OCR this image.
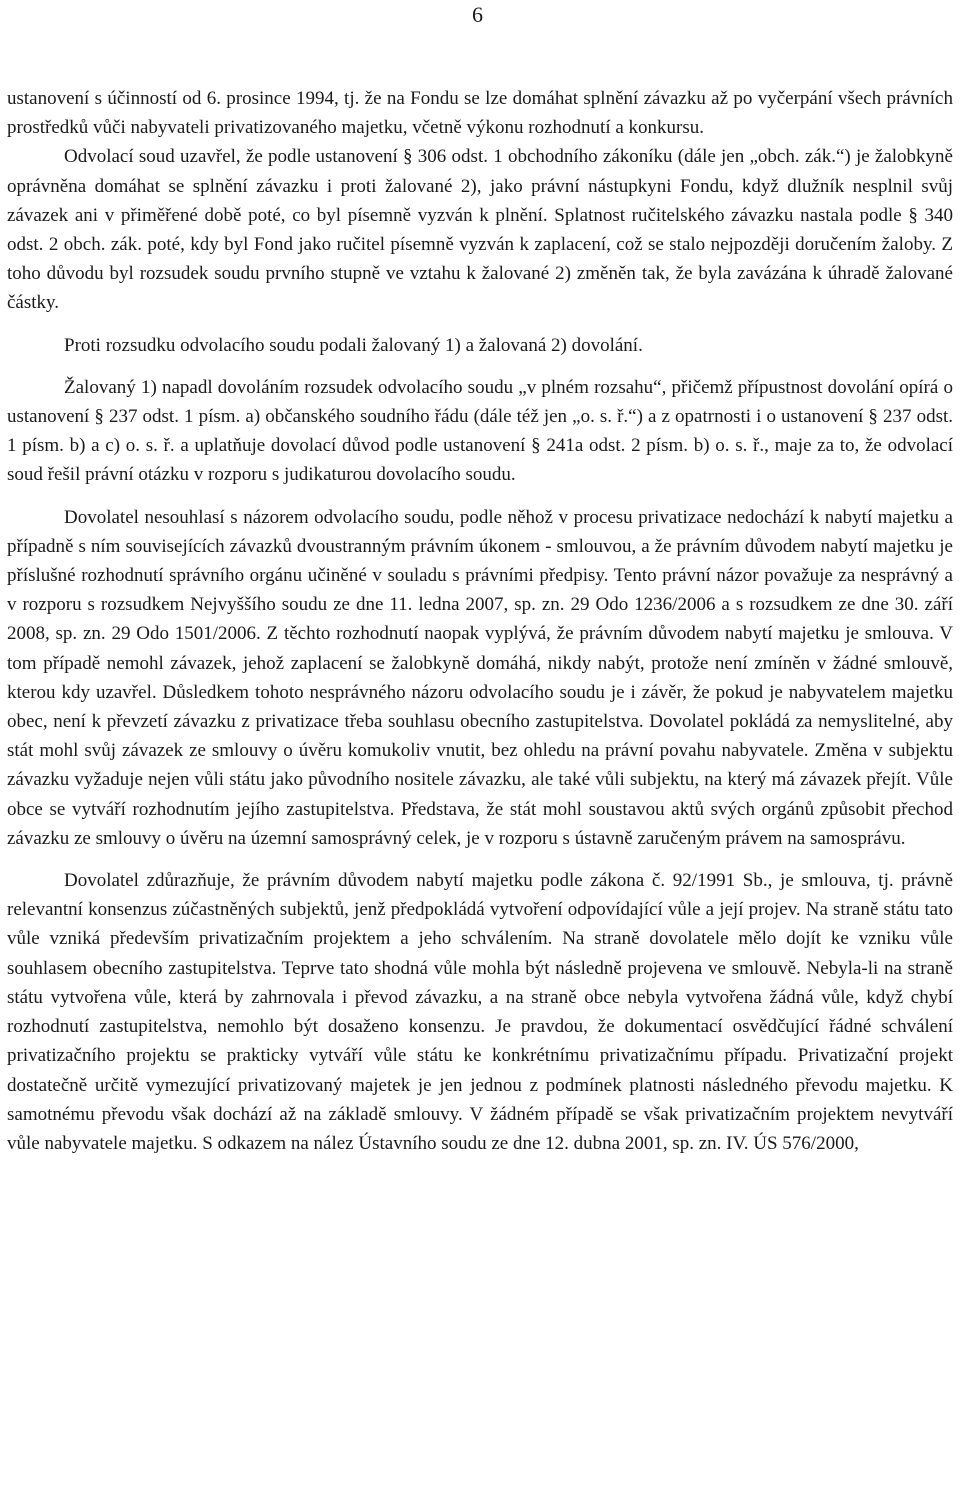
6

ustanovení s účinností od 6. prosince 1994, tj. že na Fondu se lze domáhat splnění závazku až po vyčerpání všech právních prostředků vůči nabyvateli privatizovaného majetku, včetně výkonu rozhodnutí a konkursu.

Odvolací soud uzavřel, že podle ustanovení § 306 odst. 1 obchodního zákoníku (dále jen „obch. zák.“) je žalobkyně oprávněna domáhat se splnění závazku i proti žalované 2), jako právní nástupkyni Fondu, když dlužník nesplnil svůj závazek ani v přiměřené době poté, co byl písemně vyzván k plnění. Splatnost ručitelského závazku nastala podle § 340 odst. 2 obch. zák. poté, kdy byl Fond jako ručitel písemně vyzván k zaplacení, což se stalo nejpozději doručením žaloby. Z toho důvodu byl rozsudek soudu prvního stupně ve vztahu k žalované 2) změněn tak, že byla zavázána k úhradě žalované částky.

Proti rozsudku odvolacího soudu podali žalovaný 1) a žalovaná 2) dovolání.

Žalovaný 1) napadl dovoláním rozsudek odvolacího soudu „v plném rozsahu“, přičemž přípustnost dovolání opírá o ustanovení § 237 odst. 1 písm. a) občanského soudního řádu (dále též jen „o. s. ř.“) a z opatrnosti i o ustanovení § 237 odst. 1 písm. b) a c) o. s. ř. a uplatňuje dovolací důvod podle ustanovení § 241a odst. 2 písm. b) o. s. ř., maje za to, že odvolací soud řešil právní otázku v rozporu s judikaturou dovolacího soudu.

Dovolatel nesouhlasí s názorem odvolacího soudu, podle něhož v procesu privatizace nedochází k nabytí majetku a případně s ním souvisejících závazků dvoustranným právním úkonem - smlouvou, a že právním důvodem nabytí majetku je příslušné rozhodnutí správního orgánu učiněné v souladu s právními předpisy. Tento právní názor považuje za nesprávný a v rozporu s rozsudkem Nejvyššího soudu ze dne 11. ledna 2007, sp. zn. 29 Odo 1236/2006 a s rozsudkem ze dne 30. září 2008, sp. zn. 29 Odo 1501/2006. Z těchto rozhodnutí naopak vyplývá, že právním důvodem nabytí majetku je smlouva. V tom případě nemohl závazek, jehož zaplacení se žalobkyně domáhá, nikdy nabýt, protože není zmíněn v žádné smlouvě, kterou kdy uzavřel. Důsledkem tohoto nesprávného názoru odvolacího soudu je i závěr, že pokud je nabyvatelem majetku obec, není k převzetí závazku z privatizace třeba souhlasu obecního zastupitelstva. Dovolatel pokládá za nemyslitelné, aby stát mohl svůj závazek ze smlouvy o úvěru komukoliv vnutit, bez ohledu na právní povahu nabyvatele. Změna v subjektu závazku vyžaduje nejen vůli státu jako původního nositele závazku, ale také vůli subjektu, na který má závazek přejít. Vůle obce se vytváří rozhodnutím jejího zastupitelstva. Představa, že stát mohl soustavou aktů svých orgánů způsobit přechod závazku ze smlouvy o úvěru na územní samosprávný celek, je v rozporu s ústavně zaručeným právem na samosprávu.

Dovolatel zdůrazňuje, že právním důvodem nabytí majetku podle zákona č. 92/1991 Sb., je smlouva, tj. právně relevantní konsenzus zúčastněných subjektů, jenž předpokládá vytvoření odpovídající vůle a její projev. Na straně státu tato vůle vzniká především privatizačním projektem a jeho schválením. Na straně dovolatele mělo dojít ke vzniku vůle souhlasem obecního zastupitelstva. Teprve tato shodná vůle mohla být následně projevena ve smlouvě. Nebyla-li na straně státu vytvořena vůle, která by zahrnovala i převod závazku, a na straně obce nebyla vytvořena žádná vůle, když chybí rozhodnutí zastupitelstva, nemohlo být dosaženo konsenzu. Je pravdou, že dokumentací osvědčující řádné schválení privatizačního projektu se prakticky vytváří vůle státu ke konkrétnímu privatizačnímu případu. Privatizační projekt dostatečně určitě vymezující privatizovaný majetek je jen jednou z podmínek platnosti následného převodu majetku. K samotnému převodu však dochází až na základě smlouvy. V žádném případě se však privatizačním projektem nevytváří vůle nabyvatele majetku. S odkazem na nález Ústavního soudu ze dne 12. dubna 2001, sp. zn. IV. ÚS 576/2000,
